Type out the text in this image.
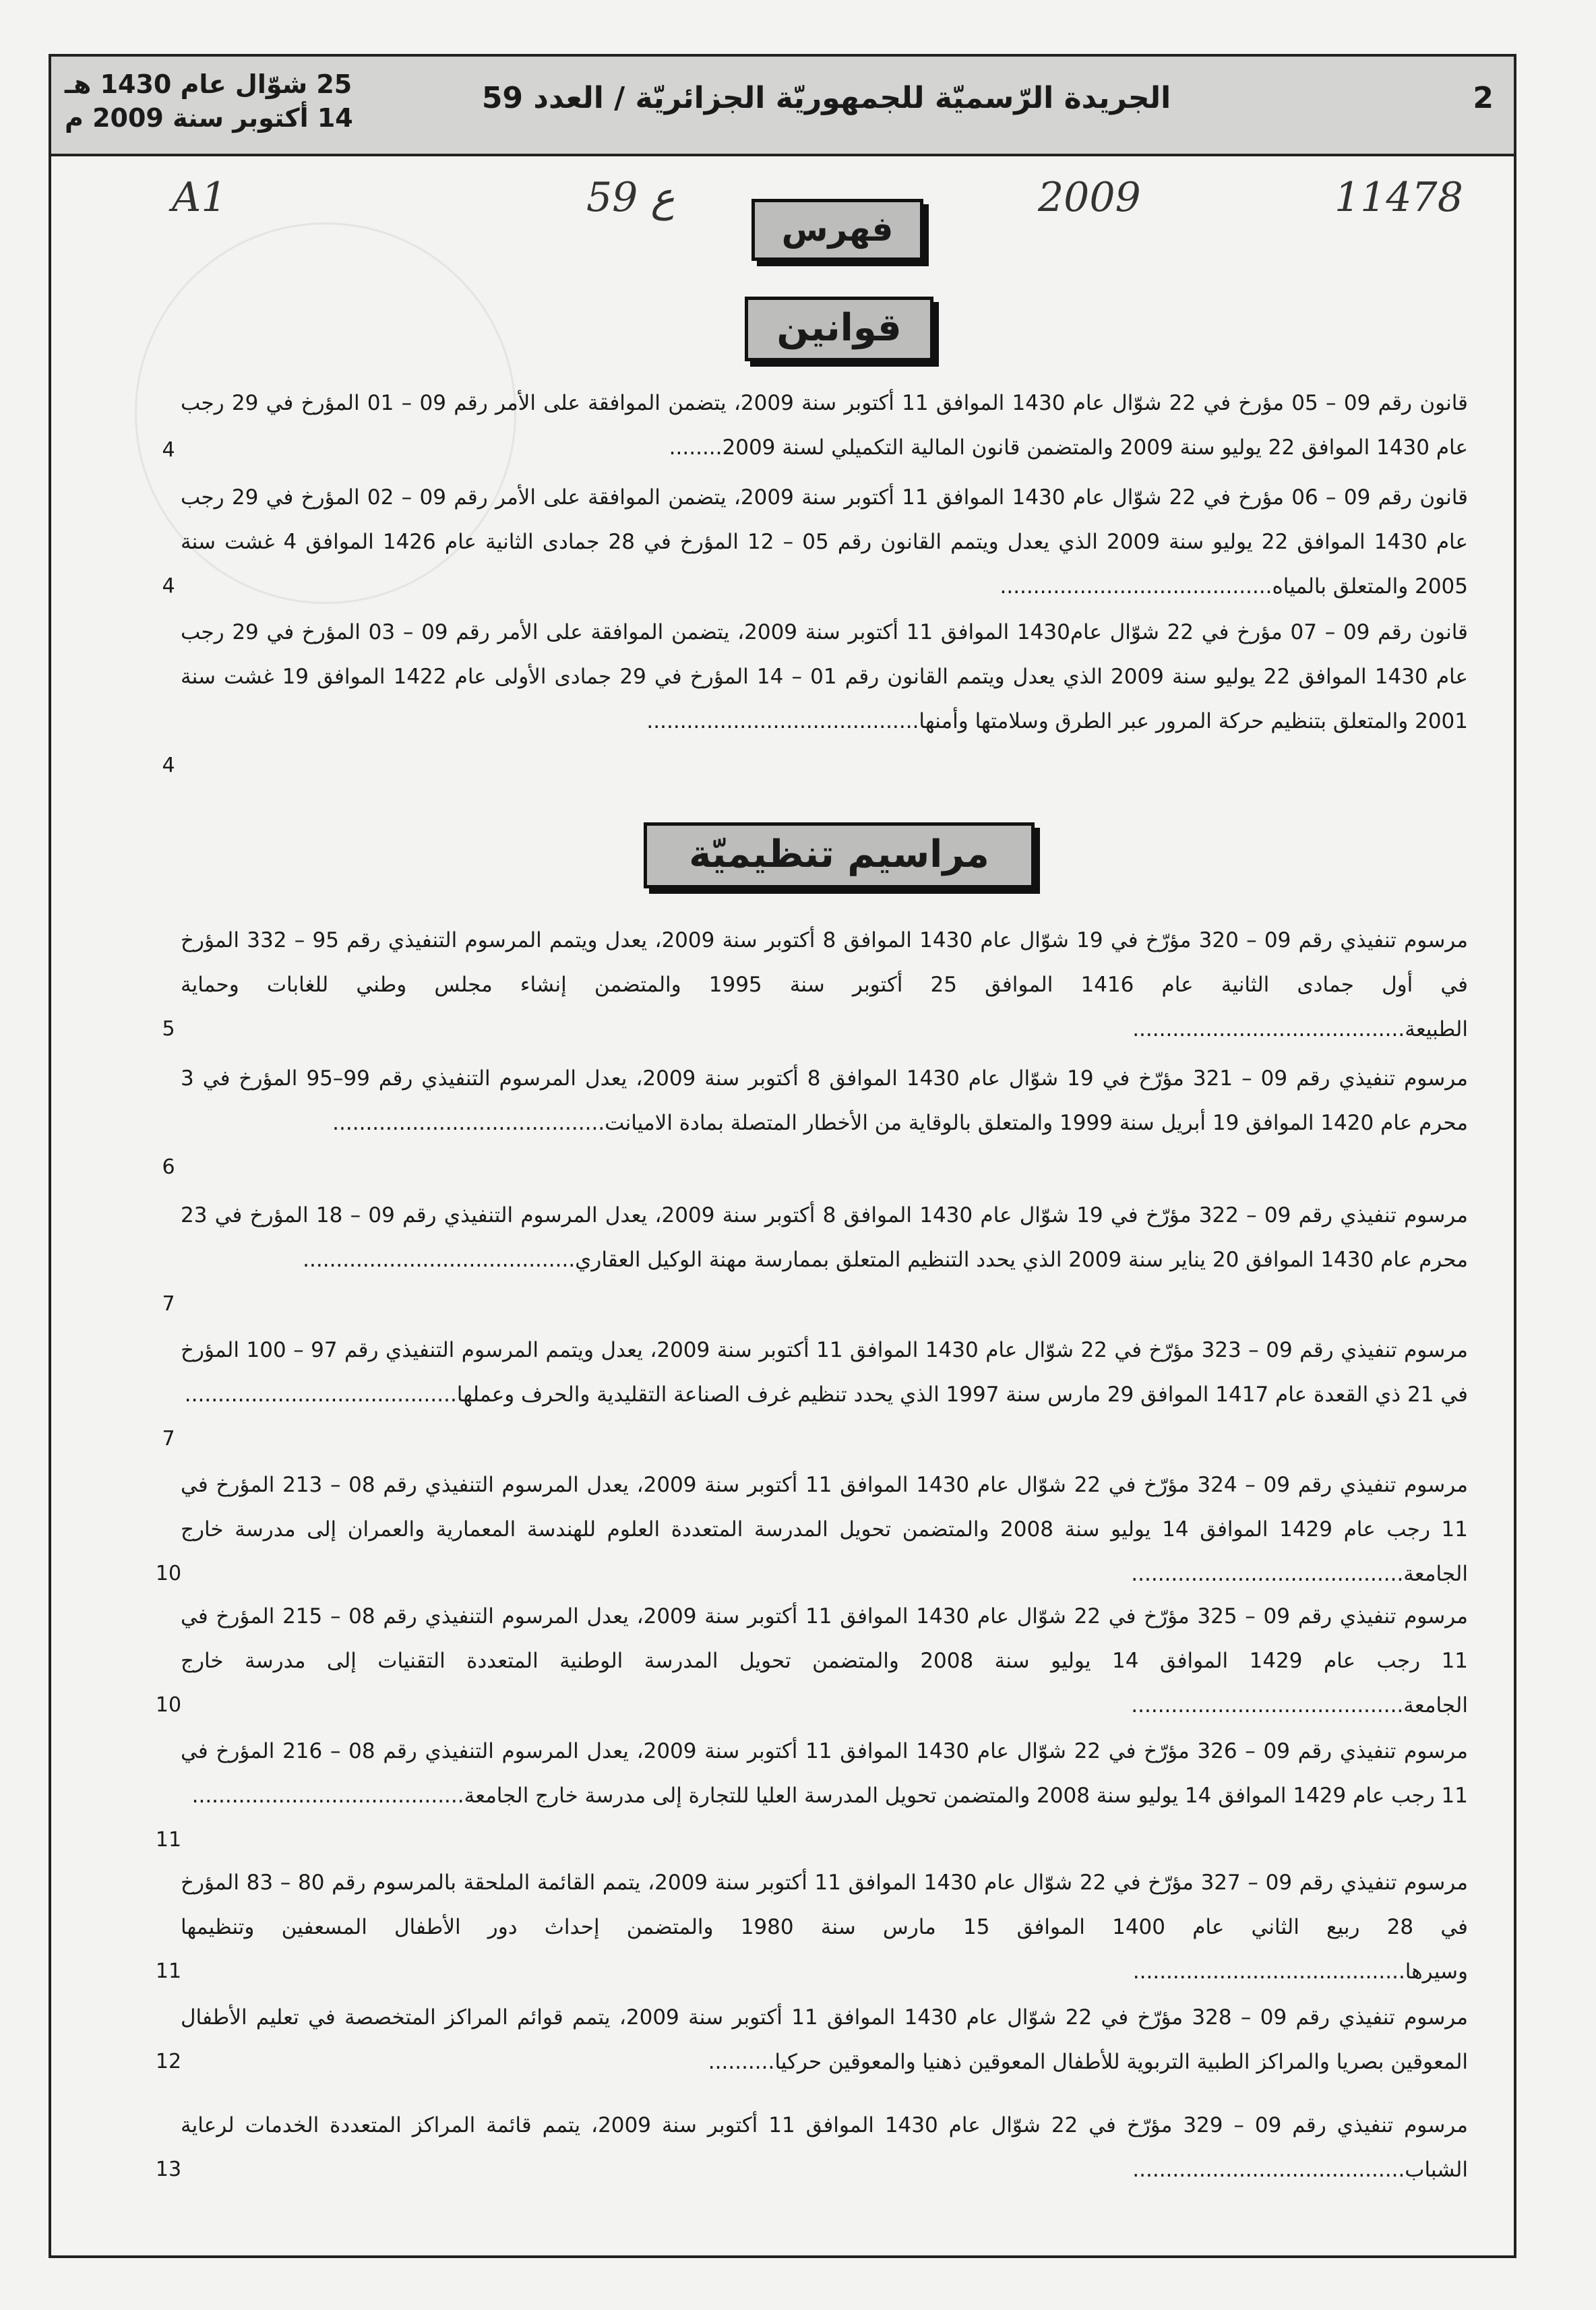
25 شوّال عام 1430 هـ
14 أكتوبر سنة 2009 م
الجريدة الرّسميّة للجمهوريّة الجزائريّة / العدد 59	2
A1	59 ع	2009	11478
فهرس
قوانين
مراسيم تنظيميّة
قانون رقم 09 – 05 مؤرخ في 22 شوّال عام 1430 الموافق 11 أكتوبر سنة 2009، يتضمن الموافقة على الأمر رقم 09 – 01 المؤرخ في 29 رجب عام 1430 الموافق 22 يوليو سنة 2009 والمتضمن قانون المالية التكميلي لسنة 2009........
4
قانون رقم 09 – 06 مؤرخ في 22 شوّال عام 1430 الموافق 11 أكتوبر سنة 2009، يتضمن الموافقة على الأمر رقم 09 – 02 المؤرخ في 29 رجب عام 1430 الموافق 22 يوليو سنة 2009 الذي يعدل ويتمم القانون رقم 05 – 12 المؤرخ في 28 جمادى الثانية عام 1426 الموافق 4 غشت سنة 2005 والمتعلق بالمياه.........................................
4
قانون رقم 09 – 07 مؤرخ في 22 شوّال عام1430 الموافق 11 أكتوبر سنة 2009، يتضمن الموافقة على الأمر رقم 09 – 03 المؤرخ في 29 رجب عام 1430 الموافق 22 يوليو سنة 2009 الذي يعدل ويتمم القانون رقم 01 – 14 المؤرخ في 29 جمادى الأولى عام 1422 الموافق 19 غشت سنة 2001 والمتعلق بتنظيم حركة المرور عبر الطرق وسلامتها وأمنها.........................................
4
مرسوم تنفيذي رقم 09 – 320 مؤرّخ في 19 شوّال عام 1430 الموافق 8 أكتوبر سنة 2009، يعدل ويتمم المرسوم التنفيذي رقم 95 – 332 المؤرخ في أول جمادى الثانية عام 1416 الموافق 25 أكتوبر سنة 1995 والمتضمن إنشاء مجلس وطني للغابات وحماية الطبيعة.........................................
5
مرسوم تنفيذي رقم 09 – 321 مؤرّخ في 19 شوّال عام 1430 الموافق 8 أكتوبر سنة 2009، يعدل المرسوم التنفيذي رقم 99–95 المؤرخ في 3 محرم عام 1420 الموافق 19 أبريل سنة 1999 والمتعلق بالوقاية من الأخطار المتصلة بمادة الاميانت.........................................
6
مرسوم تنفيذي رقم 09 – 322 مؤرّخ في 19 شوّال عام 1430 الموافق 8 أكتوبر سنة 2009، يعدل المرسوم التنفيذي رقم 09 – 18 المؤرخ في 23 محرم عام 1430 الموافق 20 يناير سنة 2009 الذي يحدد التنظيم المتعلق بممارسة مهنة الوكيل العقاري.........................................
7
مرسوم تنفيذي رقم 09 – 323 مؤرّخ في 22 شوّال عام 1430 الموافق 11 أكتوبر سنة 2009، يعدل ويتمم المرسوم التنفيذي رقم 97 – 100 المؤرخ في 21 ذي القعدة عام 1417 الموافق 29 مارس سنة 1997 الذي يحدد تنظيم غرف الصناعة التقليدية والحرف وعملها.........................................
7
مرسوم تنفيذي رقم 09 – 324 مؤرّخ في 22 شوّال عام 1430 الموافق 11 أكتوبر سنة 2009، يعدل المرسوم التنفيذي رقم 08 – 213 المؤرخ في 11 رجب عام 1429 الموافق 14 يوليو سنة 2008 والمتضمن تحويل المدرسة المتعددة العلوم للهندسة المعمارية والعمران إلى مدرسة خارج الجامعة.........................................
10
مرسوم تنفيذي رقم 09 – 325 مؤرّخ في 22 شوّال عام 1430 الموافق 11 أكتوبر سنة 2009، يعدل المرسوم التنفيذي رقم 08 – 215 المؤرخ في 11 رجب عام 1429 الموافق 14 يوليو سنة 2008 والمتضمن تحويل المدرسة الوطنية المتعددة التقنيات إلى مدرسة خارج الجامعة.........................................
10
مرسوم تنفيذي رقم 09 – 326 مؤرّخ في 22 شوّال عام 1430 الموافق 11 أكتوبر سنة 2009، يعدل المرسوم التنفيذي رقم 08 – 216 المؤرخ في 11 رجب عام 1429 الموافق 14 يوليو سنة 2008 والمتضمن تحويل المدرسة العليا للتجارة إلى مدرسة خارج الجامعة.........................................
11
مرسوم تنفيذي رقم 09 – 327 مؤرّخ في 22 شوّال عام 1430 الموافق 11 أكتوبر سنة 2009، يتمم القائمة الملحقة بالمرسوم رقم 80 – 83 المؤرخ في 28 ربيع الثاني عام 1400 الموافق 15 مارس سنة 1980 والمتضمن إحداث دور الأطفال المسعفين وتنظيمها وسيرها.........................................
11
مرسوم تنفيذي رقم 09 – 328 مؤرّخ في 22 شوّال عام 1430 الموافق 11 أكتوبر سنة 2009، يتمم قوائم المراكز المتخصصة في تعليم الأطفال المعوقين بصريا والمراكز الطبية التربوية للأطفال المعوقين ذهنيا والمعوقين حركيا..........
12
مرسوم تنفيذي رقم 09 – 329 مؤرّخ في 22 شوّال عام 1430 الموافق 11 أكتوبر سنة 2009، يتمم قائمة المراكز المتعددة الخدمات لرعاية الشباب.........................................
13
